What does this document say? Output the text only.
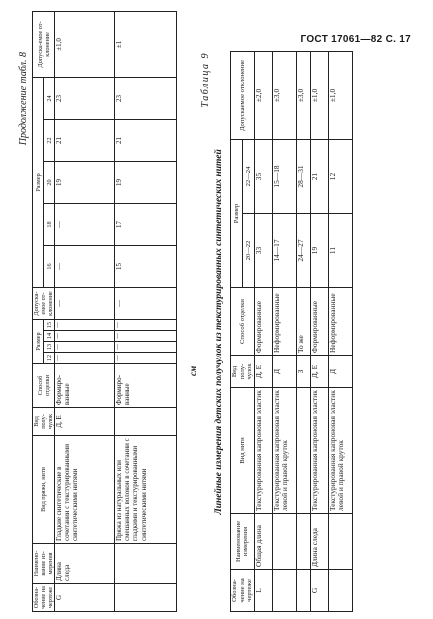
ГОСТ 17061—82 С. 17
Продолжение табл. 8
Обозна-чение на чертеже	Наимено-вание из-мерения	Вид пряжи, нити	Вид полу-чулок	Способ отделки	Размер				Допуска-емое от-клонение	Размер					Допуска-емое от-клонение
					12	13	14	15		16	18	20	22	24	
G	Длина следа	Гладкие синтетические в сочетании с текстурированными синтетическими нитями	Д, Е	Формиро-ванные	—	—	—	—	—	—	—	19	21	23	±1,0
		Пряжа из натуральных или смешанных волокон в сочетании с гладкими и текстурированными синтетическими нитями		Формиро-ванные	—	—	—	—	—	15	17	19	21	23	±1
см
Таблица 9
Линейные измерения детских получулок из текстурированных синтетических нитей
Обозна-чение на чертеже	Наименование измерения	Вид нити	Вид полу-чулок	Способ отделки	Размер		Допускаемое отклонение
					20—22	22—24	
L	Общая длина	Текстурированная капроновая эластик	Д, Е	Формированные	33	35	±2,0
		Текстурированная капроновая эластик левой и правой круток	Д	Неформированные	14—17	15—18	±3,0
			З	То же	24—27	28—31	±3,0
G	Длина следа	Текстурированная капроновая эластик	Д, Е	Формированные	19	21	±1,0
		Текстурированная капроновая эластик левой и правой круток	Д	Неформированные	11	12	±1,0
